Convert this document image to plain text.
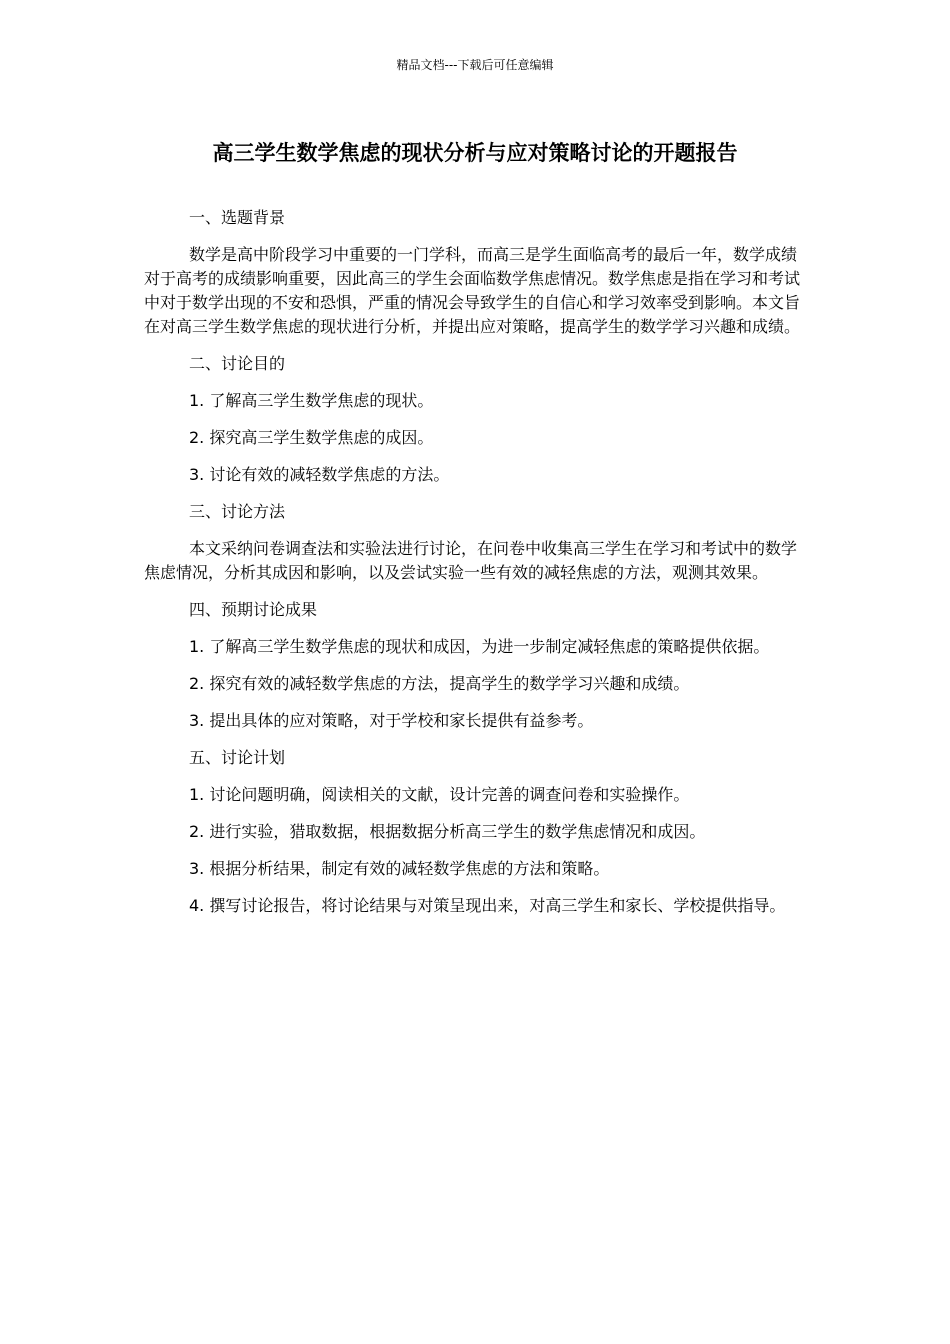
精品文档---下载后可任意编辑
高三学生数学焦虑的现状分析与应对策略讨论的开题报告

一、选题背景

数学是高中阶段学习中重要的一门学科，而高三是学生面临高考的最后一年，数学成绩对于高考的成绩影响重要，因此高三的学生会面临数学焦虑情况。数学焦虑是指在学习和考试中对于数学出现的不安和恐惧，严重的情况会导致学生的自信心和学习效率受到影响。本文旨在对高三学生数学焦虑的现状进行分析，并提出应对策略，提高学生的数学学习兴趣和成绩。

二、讨论目的

1. 了解高三学生数学焦虑的现状。

2. 探究高三学生数学焦虑的成因。

3. 讨论有效的减轻数学焦虑的方法。

三、讨论方法

本文采纳问卷调查法和实验法进行讨论，在问卷中收集高三学生在学习和考试中的数学焦虑情况，分析其成因和影响，以及尝试实验一些有效的减轻焦虑的方法，观测其效果。

四、预期讨论成果

1. 了解高三学生数学焦虑的现状和成因，为进一步制定减轻焦虑的策略提供依据。

2. 探究有效的减轻数学焦虑的方法，提高学生的数学学习兴趣和成绩。

3. 提出具体的应对策略，对于学校和家长提供有益参考。

五、讨论计划

1. 讨论问题明确，阅读相关的文献，设计完善的调查问卷和实验操作。

2. 进行实验，猎取数据，根据数据分析高三学生的数学焦虑情况和成因。

3. 根据分析结果，制定有效的减轻数学焦虑的方法和策略。

4. 撰写讨论报告，将讨论结果与对策呈现出来，对高三学生和家长、学校提供指导。
